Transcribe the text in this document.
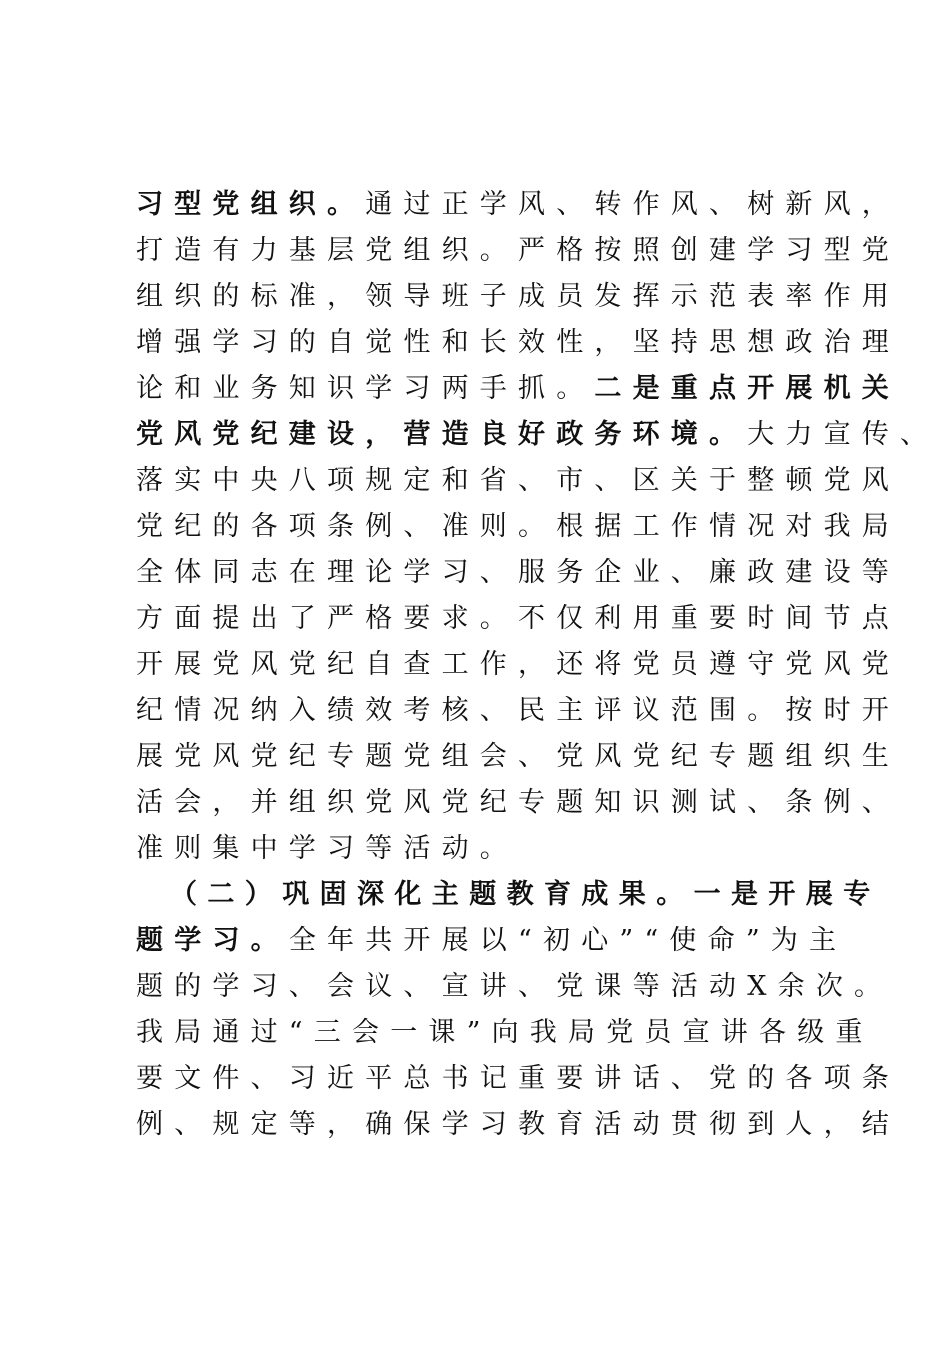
习型党组织。通过正学风、转作风、树新风，
打造有力基层党组织。严格按照创建学习型党
组织的标准，领导班子成员发挥示范表率作用
增强学习的自觉性和长效性，坚持思想政治理
论和业务知识学习两手抓。二是重点开展机关
党风党纪建设，营造良好政务环境。大力宣传、
落实中央八项规定和省、市、区关于整顿党风
党纪的各项条例、准则。根据工作情况对我局
全体同志在理论学习、服务企业、廉政建设等
方面提出了严格要求。不仅利用重要时间节点
开展党风党纪自查工作，还将党员遵守党风党
纪情况纳入绩效考核、民主评议范围。按时开
展党风党纪专题党组会、党风党纪专题组织生
活会，并组织党风党纪专题知识测试、条例、
准则集中学习等活动。
（二）巩固深化主题教育成果。一是开展专
题学习。全年共开展以“初心”“使命”为主
题的学习、会议、宣讲、党课等活动X余次。
我局通过“三会一课”向我局党员宣讲各级重
要文件、习近平总书记重要讲话、党的各项条
例、规定等，确保学习教育活动贯彻到人，结
